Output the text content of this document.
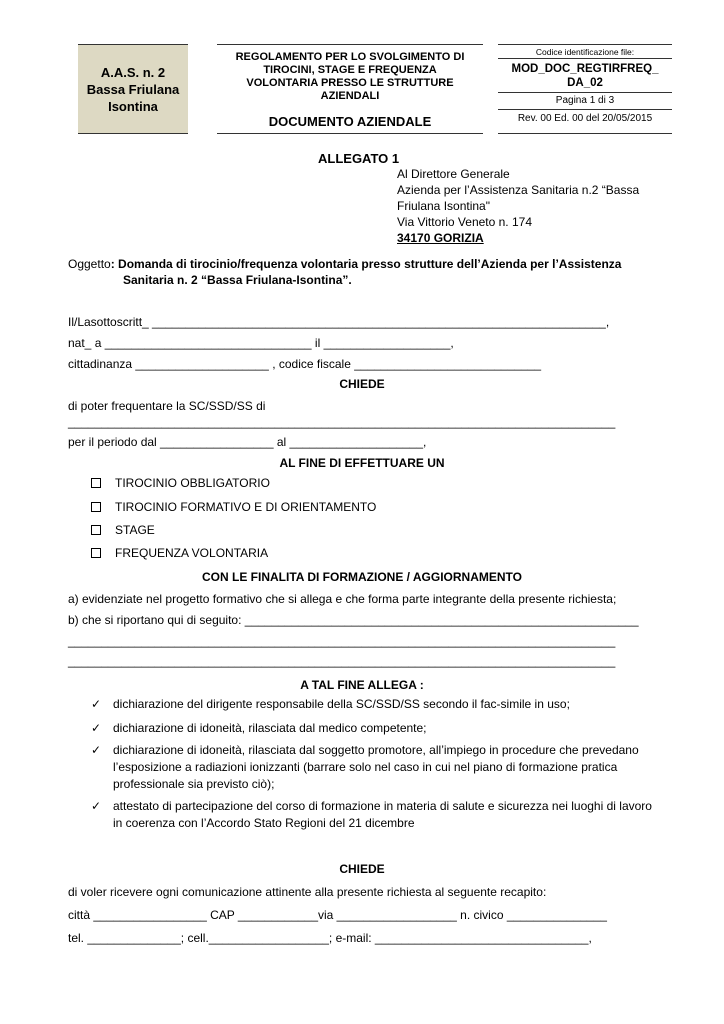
A.A.S. n. 2
Bassa Friulana
Isontina
REGOLAMENTO PER LO SVOLGIMENTO DI
TIROCINI, STAGE E FREQUENZA
VOLONTARIA PRESSO LE STRUTTURE
AZIENDALI
DOCUMENTO AZIENDALE
Codice identificazione file:
MOD_DOC_REGTIRFREQ_
DA_02
Pagina 1 di 3
Rev. 00 Ed. 00 del 20/05/2015
ALLEGATO 1
Al Direttore Generale
Azienda per l’Assistenza Sanitaria n.2 “Bassa
Friulana Isontina"
Via Vittorio Veneto n. 174
34170 GORIZIA
Oggetto: Domanda di tirocinio/frequenza volontaria presso strutture dell’Azienda per l’Assistenza
Sanitaria n. 2 “Bassa Friulana-Isontina”.
Il/Lasottoscritt_ ____________________________________________________________________,
nat_ a _______________________________ il ___________________,
cittadinanza ____________________ , codice fiscale ____________________________
CHIEDE
di poter frequentare la SC/SSD/SS di
__________________________________________________________________________________
per il periodo dal _________________ al ____________________,
AL FINE DI EFFETTUARE UN
TIROCINIO OBBLIGATORIO
TIROCINIO FORMATIVO E DI ORIENTAMENTO
STAGE
FREQUENZA VOLONTARIA
CON LE FINALITA DI FORMAZIONE / AGGIORNAMENTO
a) evidenziate nel progetto formativo che si allega e che forma parte integrante della presente richiesta;
b) che si riportano qui di seguito: ___________________________________________________________
__________________________________________________________________________________
__________________________________________________________________________________
A TAL FINE ALLEGA :
✓ dichiarazione del dirigente responsabile della SC/SSD/SS secondo il fac-simile in uso;
✓ dichiarazione di idoneità, rilasciata dal medico competente;
✓ dichiarazione di idoneità, rilasciata dal soggetto promotore, all’impiego in procedure che prevedano l’esposizione a radiazioni ionizzanti (barrare solo nel caso in cui nel piano di formazione pratica professionale sia previsto ciò);
✓ attestato di partecipazione del corso di formazione in materia di salute e sicurezza nei luoghi di lavoro in coerenza con l’Accordo Stato Regioni del 21 dicembre
CHIEDE
di voler ricevere ogni comunicazione attinente alla presente richiesta al seguente recapito:
città _________________ CAP ____________via __________________ n. civico _______________
tel. ______________; cell.__________________; e-mail: ________________________________,
